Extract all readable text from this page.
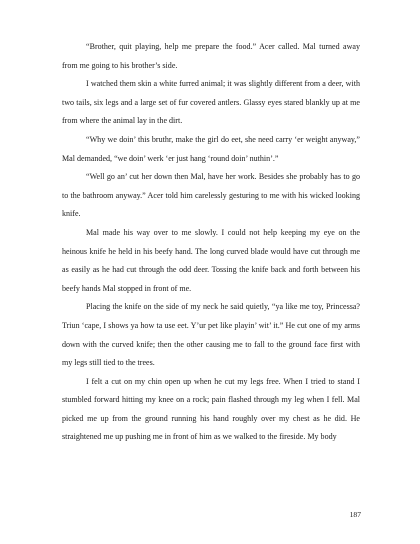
“Brother, quit playing, help me prepare the food.” Acer called. Mal turned away from me going to his brother’s side.

I watched them skin a white furred animal; it was slightly different from a deer, with two tails, six legs and a large set of fur covered antlers. Glassy eyes stared blankly up at me from where the animal lay in the dirt.

“Why we doin’ this bruthr, make the girl do eet, she need carry ‘er weight anyway,” Mal demanded, “we doin’ werk ‘er just hang ‘round doin’ nuthin’.”

“Well go an’ cut her down then Mal, have her work. Besides she probably has to go to the bathroom anyway.” Acer told him carelessly gesturing to me with his wicked looking knife.

Mal made his way over to me slowly. I could not help keeping my eye on the heinous knife he held in his beefy hand. The long curved blade would have cut through me as easily as he had cut through the odd deer. Tossing the knife back and forth between his beefy hands Mal stopped in front of me.

Placing the knife on the side of my neck he said quietly, “ya like me toy, Princessa? Triun ‘cape, I shows ya how ta use eet. Y’ur pet like playin’ wit’ it.” He cut one of my arms down with the curved knife; then the other causing me to fall to the ground face first with my legs still tied to the trees.

I felt a cut on my chin open up when he cut my legs free. When I tried to stand I stumbled forward hitting my knee on a rock; pain flashed through my leg when I fell. Mal picked me up from the ground running his hand roughly over my chest as he did. He straightened me up pushing me in front of him as we walked to the fireside. My body

187
